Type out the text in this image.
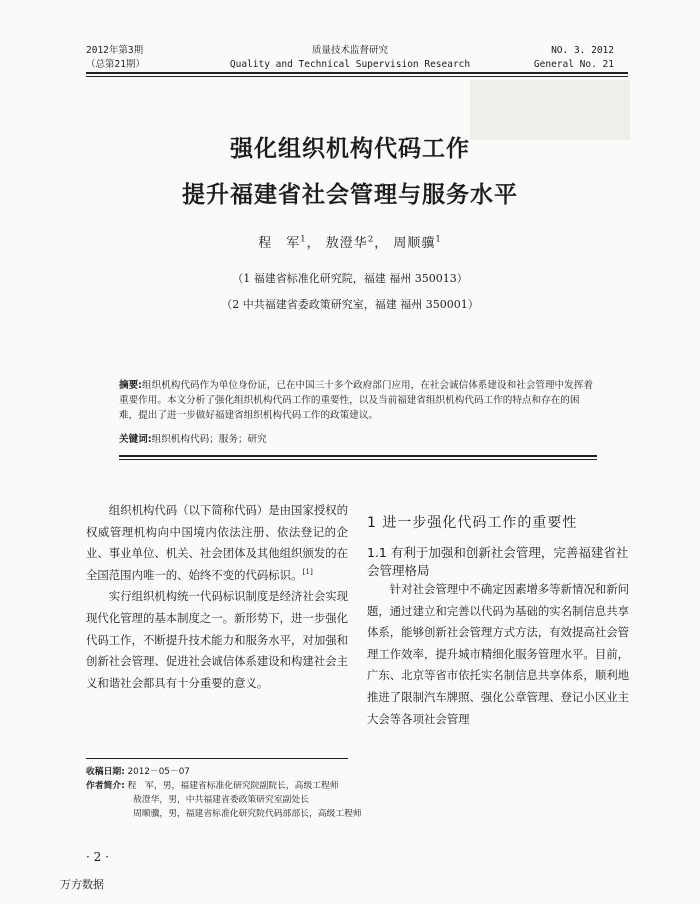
2012年第3期
（总第21期）
质量技术监督研究
Quality and Technical Supervision Research
NO. 3. 2012
General No. 21
强化组织机构代码工作
提升福建省社会管理与服务水平
程　军$^1$， 敖澄华$^2$， 周顺骥$^1$
（1 福建省标准化研究院，福建 福州 350013）
（2 中共福建省委政策研究室，福建 福州 350001）
摘要:组织机构代码作为单位身份证，已在中国三十多个政府部门应用，在社会诚信体系建设和社会管理中发挥着重要作用。本文分析了强化组织机构代码工作的重要性，以及当前福建省组织机构代码工作的特点和存在的困难，提出了进一步做好福建省组织机构代码工作的政策建议。
关键词:组织机构代码；服务；研究

组织机构代码（以下简称代码）是由国家授权的权威管理机构向中国境内依法注册、依法登记的企业、事业单位、机关、社会团体及其他组织颁发的在全国范围内唯一的、始终不变的代码标识。[1]

实行组织机构统一代码标识制度是经济社会实现现代化管理的基本制度之一。新形势下，进一步强化代码工作，不断提升技术能力和服务水平，对加强和创新社会管理、促进社会诚信体系建设和构建社会主义和谐社会都具有十分重要的意义。

1 进一步强化代码工作的重要性
1.1 有利于加强和创新社会管理，完善福建省社会管理格局

针对社会管理中不确定因素增多等新情况和新问题，通过建立和完善以代码为基础的实名制信息共享体系，能够创新社会管理方式方法，有效提高社会管理工作效率，提升城市精细化服务管理水平。目前，广东、北京等省市依托实名制信息共享体系，顺利地推进了限制汽车牌照、强化公章管理、登记小区业主大会等各项社会管理

收稿日期: 2012－05－07
作者简介: 程　军，男，福建省标准化研究院副院长，高级工程师
敖澄华，男，中共福建省委政策研究室副处长
周顺骥，男，福建省标准化研究院代码部部长，高级工程师
· 2 ·
万方数据
